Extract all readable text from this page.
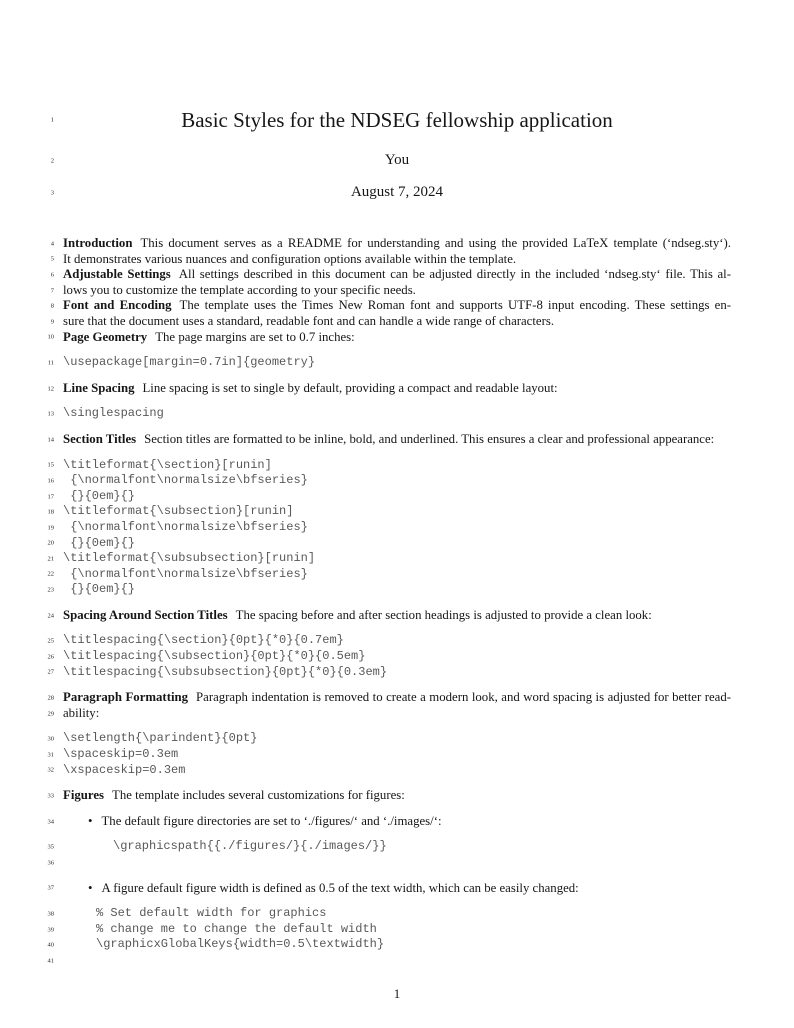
1	Basic Styles for the NDSEG fellowship application
2	You
3	August 7, 2024
4 Introduction This document serves as a README for understanding and using the provided LaTeX template (‘ndseg.sty‘).
5 It demonstrates various nuances and configuration options available within the template.
6 Adjustable Settings All settings described in this document can be adjusted directly in the included ‘ndseg.sty‘ file. This al-
7 lows you to customize the template according to your specific needs.
8 Font and Encoding The template uses the Times New Roman font and supports UTF-8 input encoding. These settings en-
9 sure that the document uses a standard, readable font and can handle a wide range of characters.
10 Page Geometry The page margins are set to 0.7 inches:
11 \usepackage[margin=0.7in]{geometry}
12 Line Spacing Line spacing is set to single by default, providing a compact and readable layout:
13 \singlespacing
14 Section Titles Section titles are formatted to be inline, bold, and underlined. This ensures a clear and professional appearance:
15 \titleformat{\section}[runin]
16 {\normalfont\normalsize\bfseries}
17 {}{0em}{}
18 \titleformat{\subsection}[runin]
19 {\normalfont\normalsize\bfseries}
20 {}{0em}{}
21 \titleformat{\subsubsection}[runin]
22 {\normalfont\normalsize\bfseries}
23 {}{0em}{}
24 Spacing Around Section Titles The spacing before and after section headings is adjusted to provide a clean look:
25 \titlespacing{\section}{0pt}{*0}{0.7em}
26 \titlespacing{\subsection}{0pt}{*0}{0.5em}
27 \titlespacing{\subsubsection}{0pt}{*0}{0.3em}
28 Paragraph Formatting Paragraph indentation is removed to create a modern look, and word spacing is adjusted for better read-
29 ability:
30 \setlength{\parindent}{0pt}
31 \spaceskip=0.3em
32 \xspaceskip=0.3em
33 Figures The template includes several customizations for figures:
34	• The default figure directories are set to ‘./figures/‘ and ‘./images/‘:
35	\graphicspath{{./figures/}{./images/}}
36
37	• A figure default figure width is defined as 0.5 of the text width, which can be easily changed:
38	% Set default width for graphics
39	% change me to change the default width
40	\graphicxGlobalKeys{width=0.5\textwidth}
41
1
